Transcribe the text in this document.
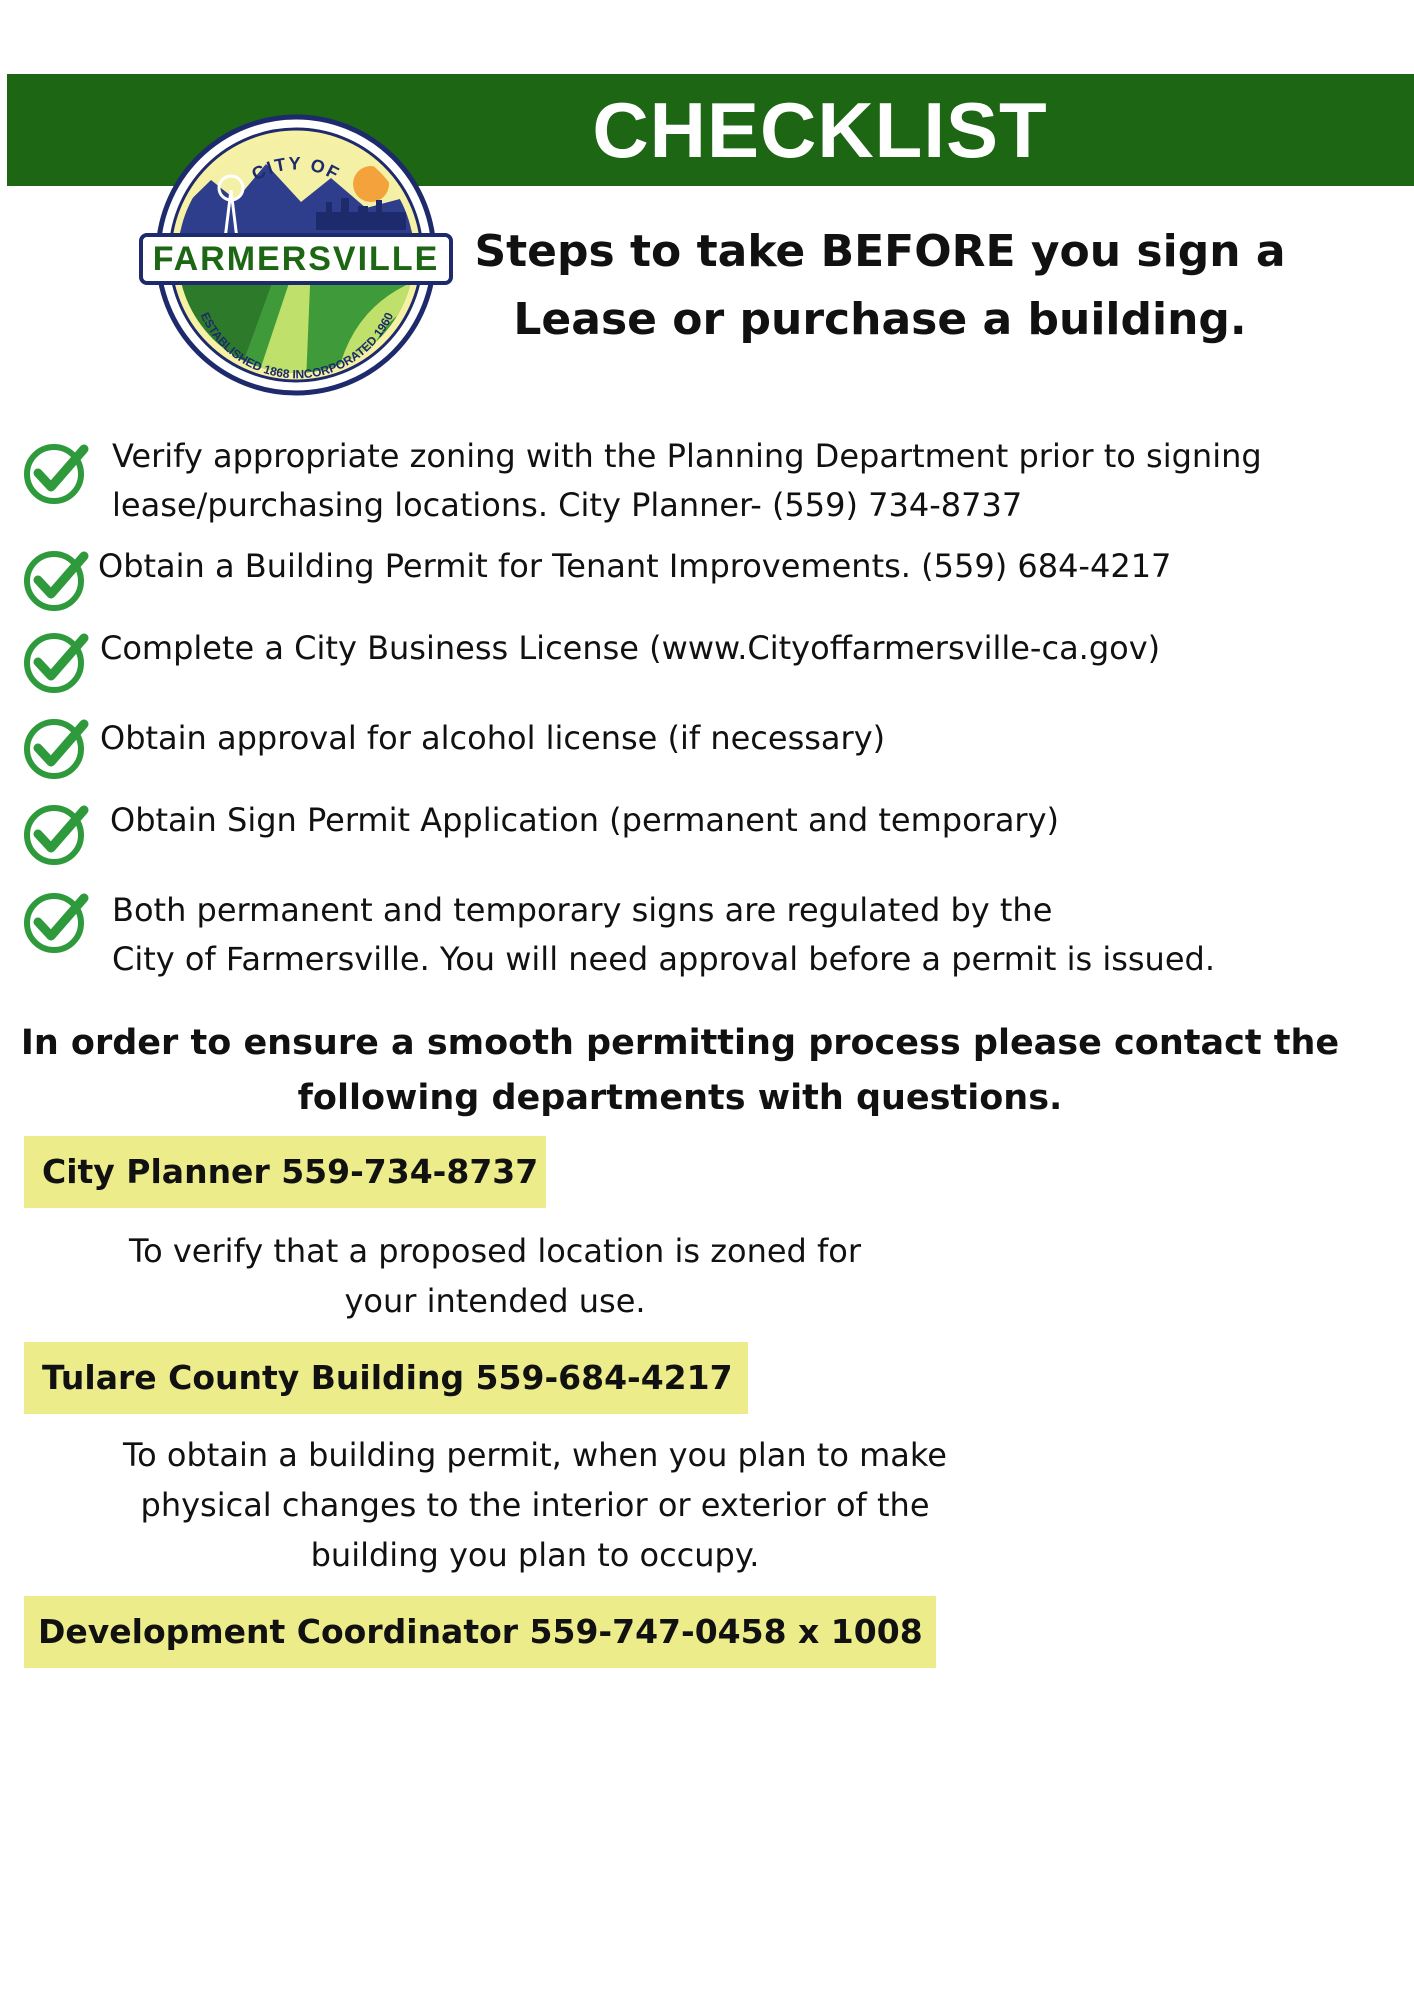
CHECKLIST
FARMERSVILLE
CITY OF
ESTABLISHED 1868 INCORPORATED 1960
Steps to take BEFORE you sign a
Lease or purchase a building.
Verify appropriate zoning with the Planning Department prior to signing
lease/purchasing locations. City Planner- (559) 734-8737
Obtain a Building Permit for Tenant Improvements. (559) 684-4217
Complete a City Business License (www.Cityoffarmersville-ca.gov)
Obtain approval for alcohol license (if necessary)
Obtain Sign Permit Application (permanent and temporary)
Both permanent and temporary signs are regulated by the
City of Farmersville. You will need approval before a permit is issued.
In order to ensure a smooth permitting process please contact the
following departments with questions.
City Planner 559-734-8737
To verify that a proposed location is zoned for
your intended use.
Tulare County Building 559-684-4217
To obtain a building permit, when you plan to make
physical changes to the interior or exterior of the
building you plan to occupy.
Development Coordinator 559-747-0458 x 1008
